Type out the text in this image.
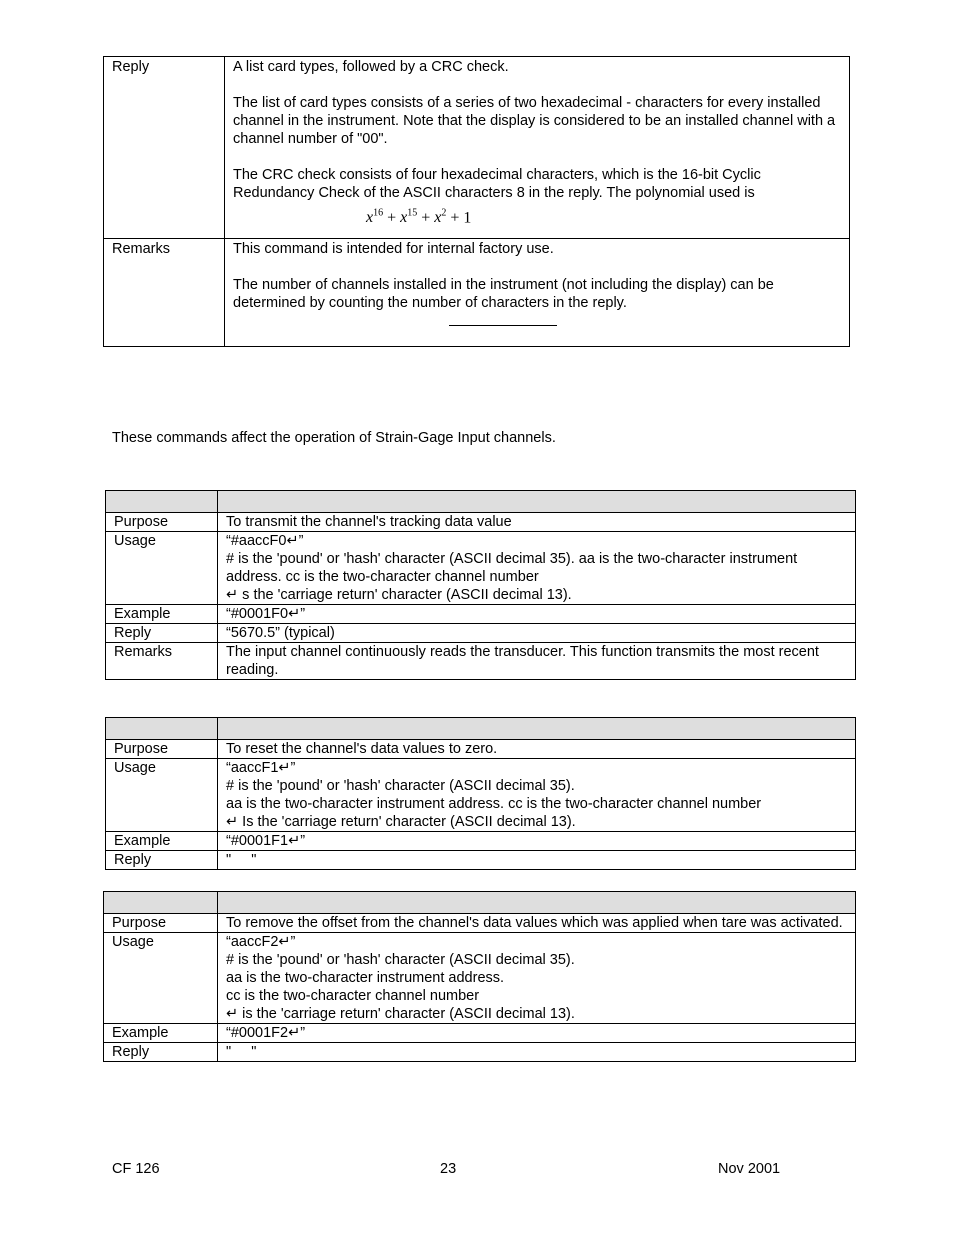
Reply	A list card types, followed by a CRC check.

The list of card types consists of a series of two hexadecimal - characters for every installed channel in the instrument. Note that the display is considered to be an installed channel with a channel number of "00".

The CRC check consists of four hexadecimal characters, which is the 16-bit Cyclic Redundancy Check of the ASCII characters 8 in the reply. The polynomial used is

$x^{16} + x^{15} + x^2 + 1$

Remarks	This command is intended for internal factory use.

The number of channels installed in the instrument (not including the display) can be determined by counting the number of characters in the reply.

These commands affect the operation of Strain-Gage Input channels.

Purpose	To transmit the channel's tracking data value
Usage	“#aaccF0↵”

# is the 'pound' or 'hash' character (ASCII decimal 35). aa is the two-character instrument address. cc is the two-character channel number

↵ s the 'carriage return' character (ASCII decimal 13).

Example	“#0001F0↵”
Reply	“5670.5” (typical)
Remarks	The input channel continuously reads the transducer. This function transmits the most recent reading.

Purpose	To reset the channel's data values to zero.
Usage	“aaccF1↵”

# is the 'pound' or 'hash' character (ASCII decimal 35).

aa is the two-character instrument address. cc is the two-character channel number

↵ Is the 'carriage return' character (ASCII decimal 13).

Example	“#0001F1↵”
Reply	"     "

Purpose	To remove the offset from the channel's data values which was applied when tare was activated.
Usage	“aaccF2↵”

# is the 'pound' or 'hash' character (ASCII decimal 35).

aa is the two-character instrument address.

cc is the two-character channel number

↵ is the 'carriage return' character (ASCII decimal 13).

Example	“#0001F2↵”
Reply	"     "
CF 126	23	Nov 2001
